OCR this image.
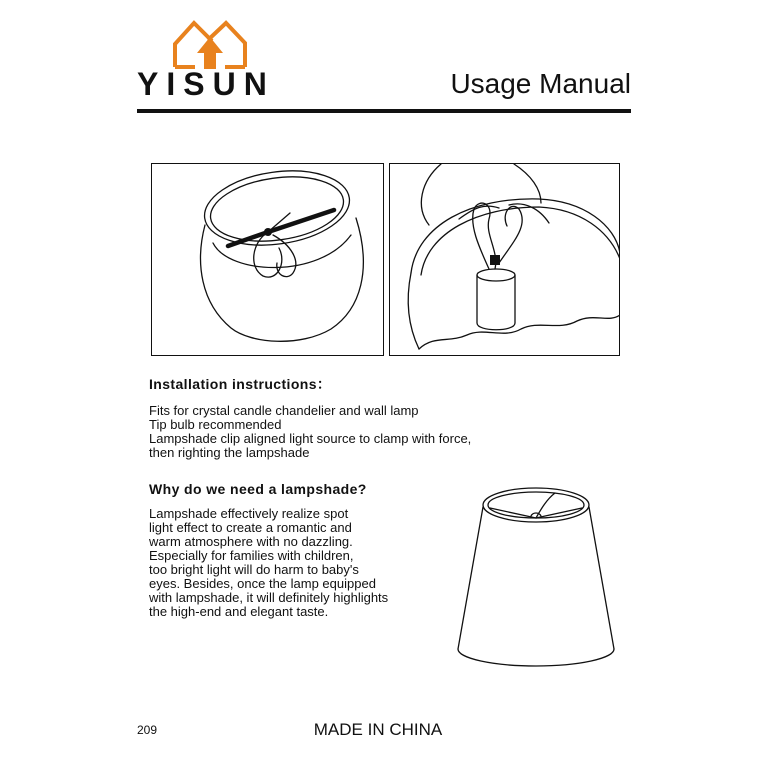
YISUN	Usage Manual
Installation instructions：
Fits for crystal candle chandelier and wall lamp
Tip bulb recommended
Lampshade clip aligned light source to clamp with force,
then righting the lampshade
Why do we need a lampshade?
Lampshade effectively realize spot
light effect to create a romantic and
warm atmosphere with no dazzling.
Especially for families with children,
too bright light will do harm to baby's
eyes. Besides, once the lamp equipped
with lampshade, it will definitely highlights
the high-end and elegant taste.
209	MADE IN CHINA
